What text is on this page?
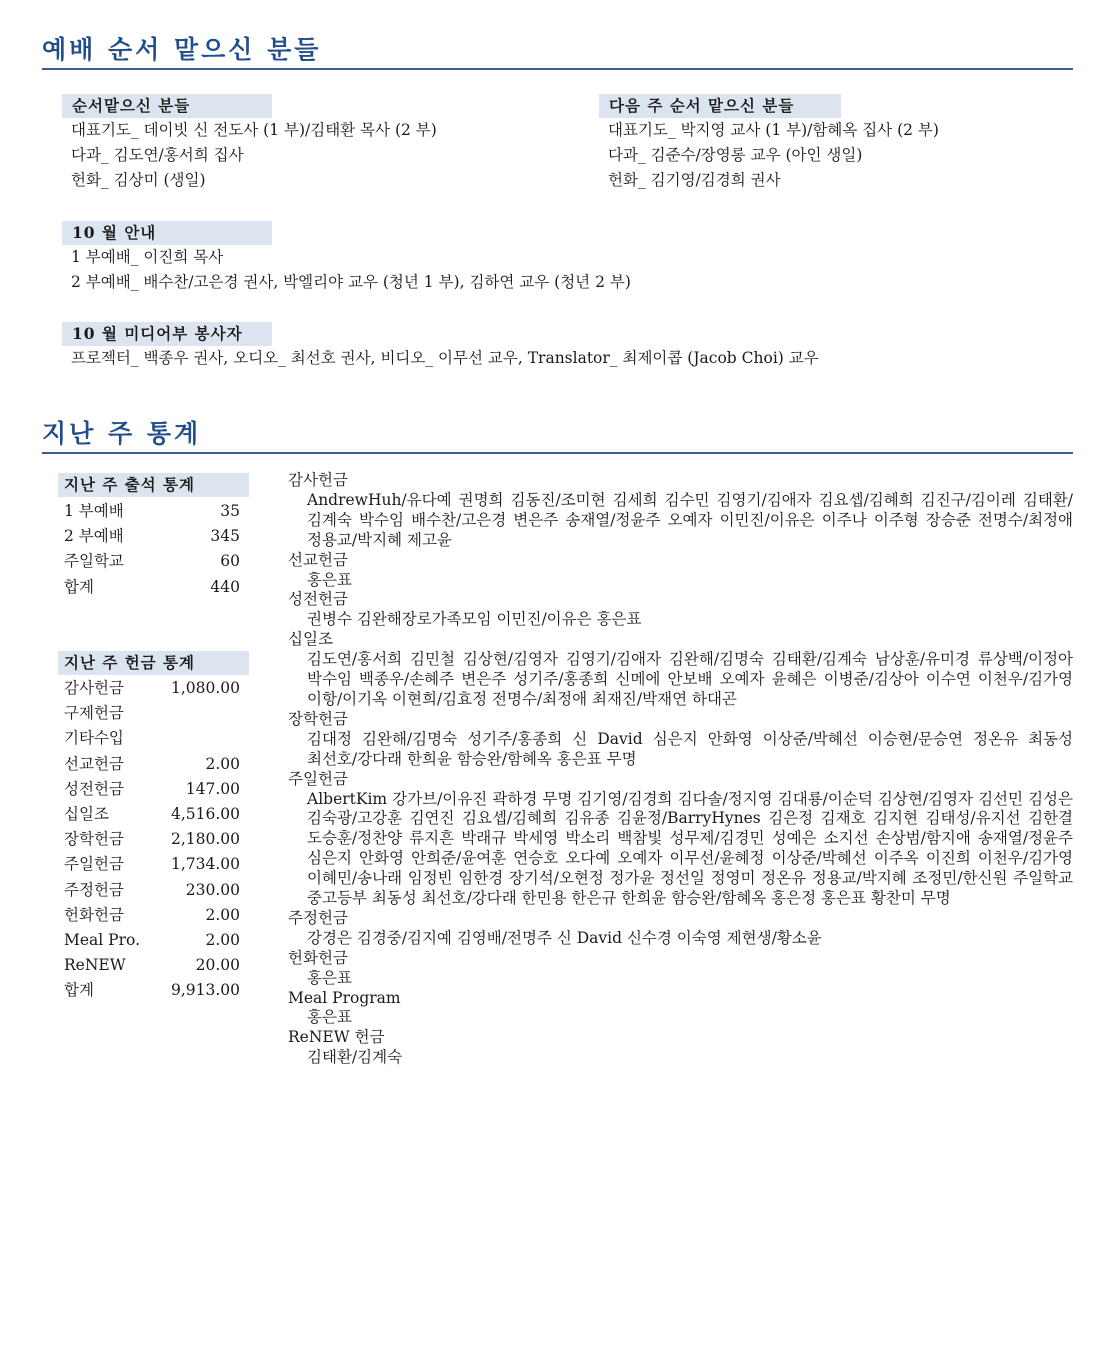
예배 순서 맡으신 분들
순서맡으신 분들
대표기도_ 데이빗 신 전도사 (1 부)/김태환 목사 (2 부)
다과_ 김도연/홍서희 집사
헌화_ 김상미 (생일)
다음 주 순서 맡으신 분들
대표기도_ 박지영 교사 (1 부)/함혜옥 집사 (2 부)
다과_ 김준수/장영롱 교우 (아인 생일)
헌화_ 김기영/김경희 권사
10 월 안내
1 부예배_ 이진희 목사
2 부예배_ 배수찬/고은경 권사, 박엘리야 교우 (청년 1 부), 김하연 교우 (청년 2 부)
10 월 미디어부 봉사자
프로젝터_ 백종우 권사, 오디오_ 최선호 권사, 비디오_ 이무선 교우, Translator_ 최제이콥 (Jacob Choi) 교우
지난 주 통계
지난 주 출석 통계
1 부예배	35
2 부예배	345
주일학교	60
합계	440
지난 주 헌금 통계
감사헌금	1,080.00
구제헌금
기타수입
선교헌금	2.00
성전헌금	147.00
십일조	4,516.00
장학헌금	2,180.00
주일헌금	1,734.00
주정헌금	230.00
헌화헌금	2.00
Meal Pro.	2.00
ReNEW	20.00
합계	9,913.00
감사헌금
AndrewHuh/유다예 권명희 김동진/조미현 김세희 김수민 김영기/김애자 김요셉/김혜희 김진구/김이레 김태환/김계숙 박수임 배수찬/고은경 변은주 송재열/정윤주 오예자 이민진/이유은 이주나 이주형 장승준 전명수/최정애 정용교/박지혜 제고윤
선교헌금
홍은표
성전헌금
권병수 김완해장로가족모임 이민진/이유은 홍은표
십일조
김도연/홍서희 김민철 김상현/김영자 김영기/김애자 김완해/김명숙 김태환/김계숙 남상훈/유미경 류상백/이정아 박수임 백종우/손혜주 변은주 성기주/홍종희 신메에 안보배 오예자 윤혜은 이병준/김상아 이수연 이천우/김가영 이항/이기옥 이현희/김효정 전명수/최정애 최재진/박재연 하대곤
장학헌금
김대정 김완해/김명숙 성기주/홍종희 신 David 심은지 안화영 이상준/박혜선 이승현/문승연 정온유 최동성 최선호/강다래 한희윤 함승완/함혜옥 홍은표 무명
주일헌금
AlbertKim 강가브/이유진 곽하경 무명 김기영/김경희 김다솔/정지영 김대룡/이순덕 김상현/김영자 김선민 김성은 김숙광/고강훈 김연진 김요셉/김혜희 김유종 김윤정/BarryHynes 김은정 김재호 김지현 김태성/유지선 김한결 도승훈/정찬양 류지흔 박래규 박세영 박소리 백참빛 성무제/김경민 성예은 소지선 손상범/함지애 송재열/정윤주 심은지 안화영 안희준/윤여훈 연승호 오다예 오예자 이무선/윤혜정 이상준/박혜선 이주옥 이진희 이천우/김가영 이혜민/송나래 임정빈 임한경 장기석/오현정 정가윤 정선일 정영미 정온유 정용교/박지혜 조정민/한신원 주일학교 중고등부 최동성 최선호/강다래 한민용 한은규 한희윤 함승완/함혜옥 홍은정 홍은표 황찬미 무명
주정헌금
강경은 김경중/김지예 김영배/전명주 신 David 신수경 이숙영 제현생/황소윤
헌화헌금
홍은표
Meal Program
홍은표
ReNEW 헌금
김태환/김계숙
